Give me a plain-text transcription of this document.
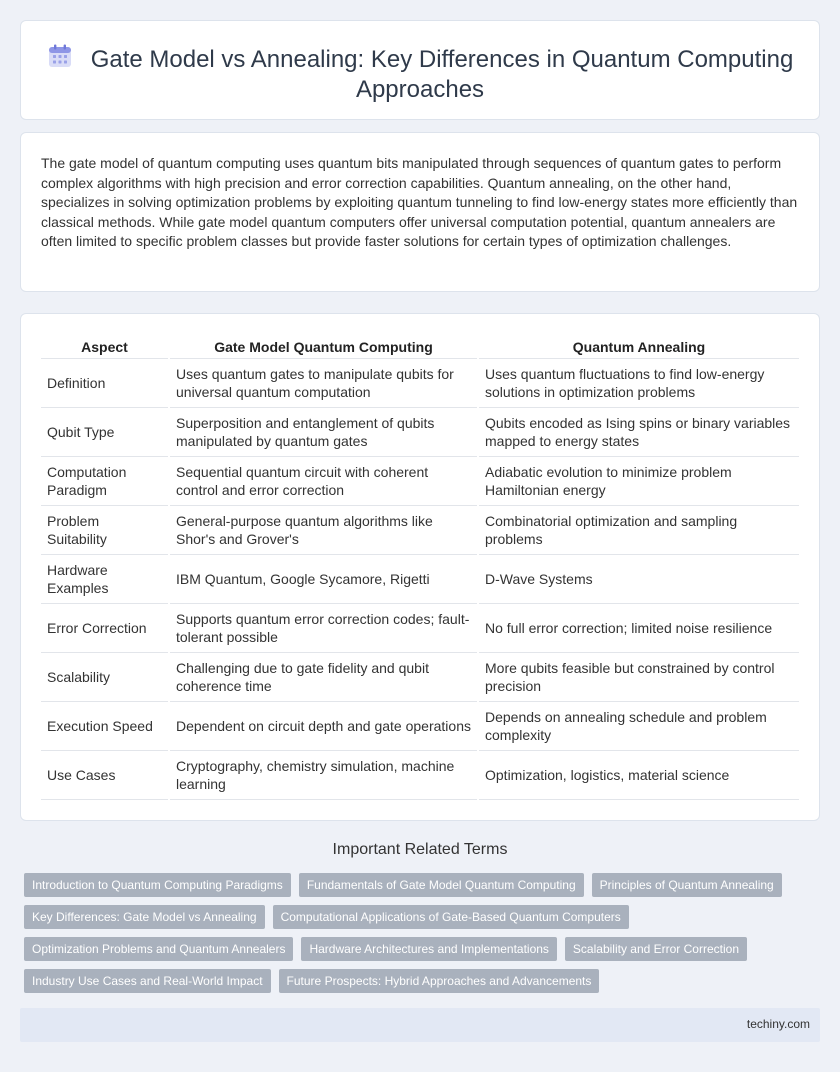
Gate Model vs Annealing: Key Differences in Quantum Computing Approaches

The gate model of quantum computing uses quantum bits manipulated through sequences of quantum gates to perform complex algorithms with high precision and error correction capabilities. Quantum annealing, on the other hand, specializes in solving optimization problems by exploiting quantum tunneling to find low-energy states more efficiently than classical methods. While gate model quantum computers offer universal computation potential, quantum annealers are often limited to specific problem classes but provide faster solutions for certain types of optimization challenges.

Aspect	Gate Model Quantum Computing	Quantum Annealing
Definition	Uses quantum gates to manipulate qubits for universal quantum computation	Uses quantum fluctuations to find low-energy solutions in optimization problems
Qubit Type	Superposition and entanglement of qubits manipulated by quantum gates	Qubits encoded as Ising spins or binary variables mapped to energy states
Computation Paradigm	Sequential quantum circuit with coherent control and error correction	Adiabatic evolution to minimize problem Hamiltonian energy
Problem Suitability	General-purpose quantum algorithms like Shor's and Grover's	Combinatorial optimization and sampling problems
Hardware Examples	IBM Quantum, Google Sycamore, Rigetti	D-Wave Systems
Error Correction	Supports quantum error correction codes; fault-tolerant possible	No full error correction; limited noise resilience
Scalability	Challenging due to gate fidelity and qubit coherence time	More qubits feasible but constrained by control precision
Execution Speed	Dependent on circuit depth and gate operations	Depends on annealing schedule and problem complexity
Use Cases	Cryptography, chemistry simulation, machine learning	Optimization, logistics, material science
Important Related Terms
Introduction to Quantum Computing Paradigms	Fundamentals of Gate Model Quantum Computing	Principles of Quantum Annealing
Key Differences: Gate Model vs Annealing	Computational Applications of Gate-Based Quantum Computers
Optimization Problems and Quantum Annealers	Hardware Architectures and Implementations	Scalability and Error Correction
Industry Use Cases and Real-World Impact	Future Prospects: Hybrid Approaches and Advancements
techiny.com
